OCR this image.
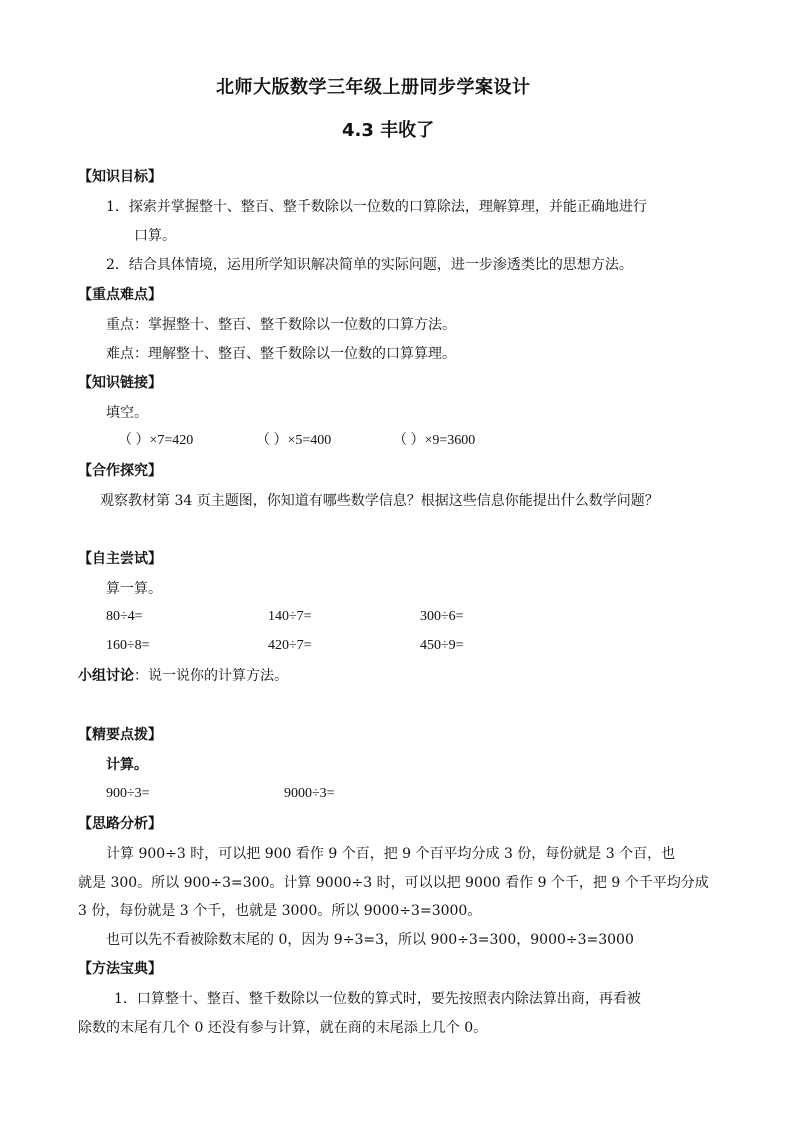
北师大版数学三年级上册同步学案设计
4.3 丰收了
【知识目标】
1．探索并掌握整十、整百、整千数除以一位数的口算除法，理解算理，并能正确地进行
口算。
2．结合具体情境，运用所学知识解决简单的实际问题，进一步渗透类比的思想方法。
【重点难点】
重点：掌握整十、整百、整千数除以一位数的口算方法。
难点：理解整十、整百、整千数除以一位数的口算算理。
【知识链接】
填空。
（ ）×7=420	（ ）×5=400	（ ）×9=3600
【合作探究】
观察教材第 34 页主题图，你知道有哪些数学信息？根据这些信息你能提出什么数学问题？
【自主尝试】
算一算。
80÷4=	140÷7=	300÷6=
160÷8=	420÷7=	450÷9=
小组讨论：说一说你的计算方法。
【精要点拨】
计算。
900÷3=	9000÷3=
【思路分析】
计算 900÷3 时，可以把 900 看作 9 个百，把 9 个百平均分成 3 份，每份就是 3 个百，也
就是 300。所以 900÷3=300。计算 9000÷3 时，可以以把 9000 看作 9 个千，把 9 个千平均分成
3 份，每份就是 3 个千，也就是 3000。所以 9000÷3=3000。
也可以先不看被除数末尾的 0，因为 9÷3=3，所以 900÷3=300，9000÷3=3000
【方法宝典】
1．口算整十、整百、整千数除以一位数的算式时，要先按照表内除法算出商，再看被
除数的末尾有几个 0 还没有参与计算，就在商的末尾添上几个 0。
